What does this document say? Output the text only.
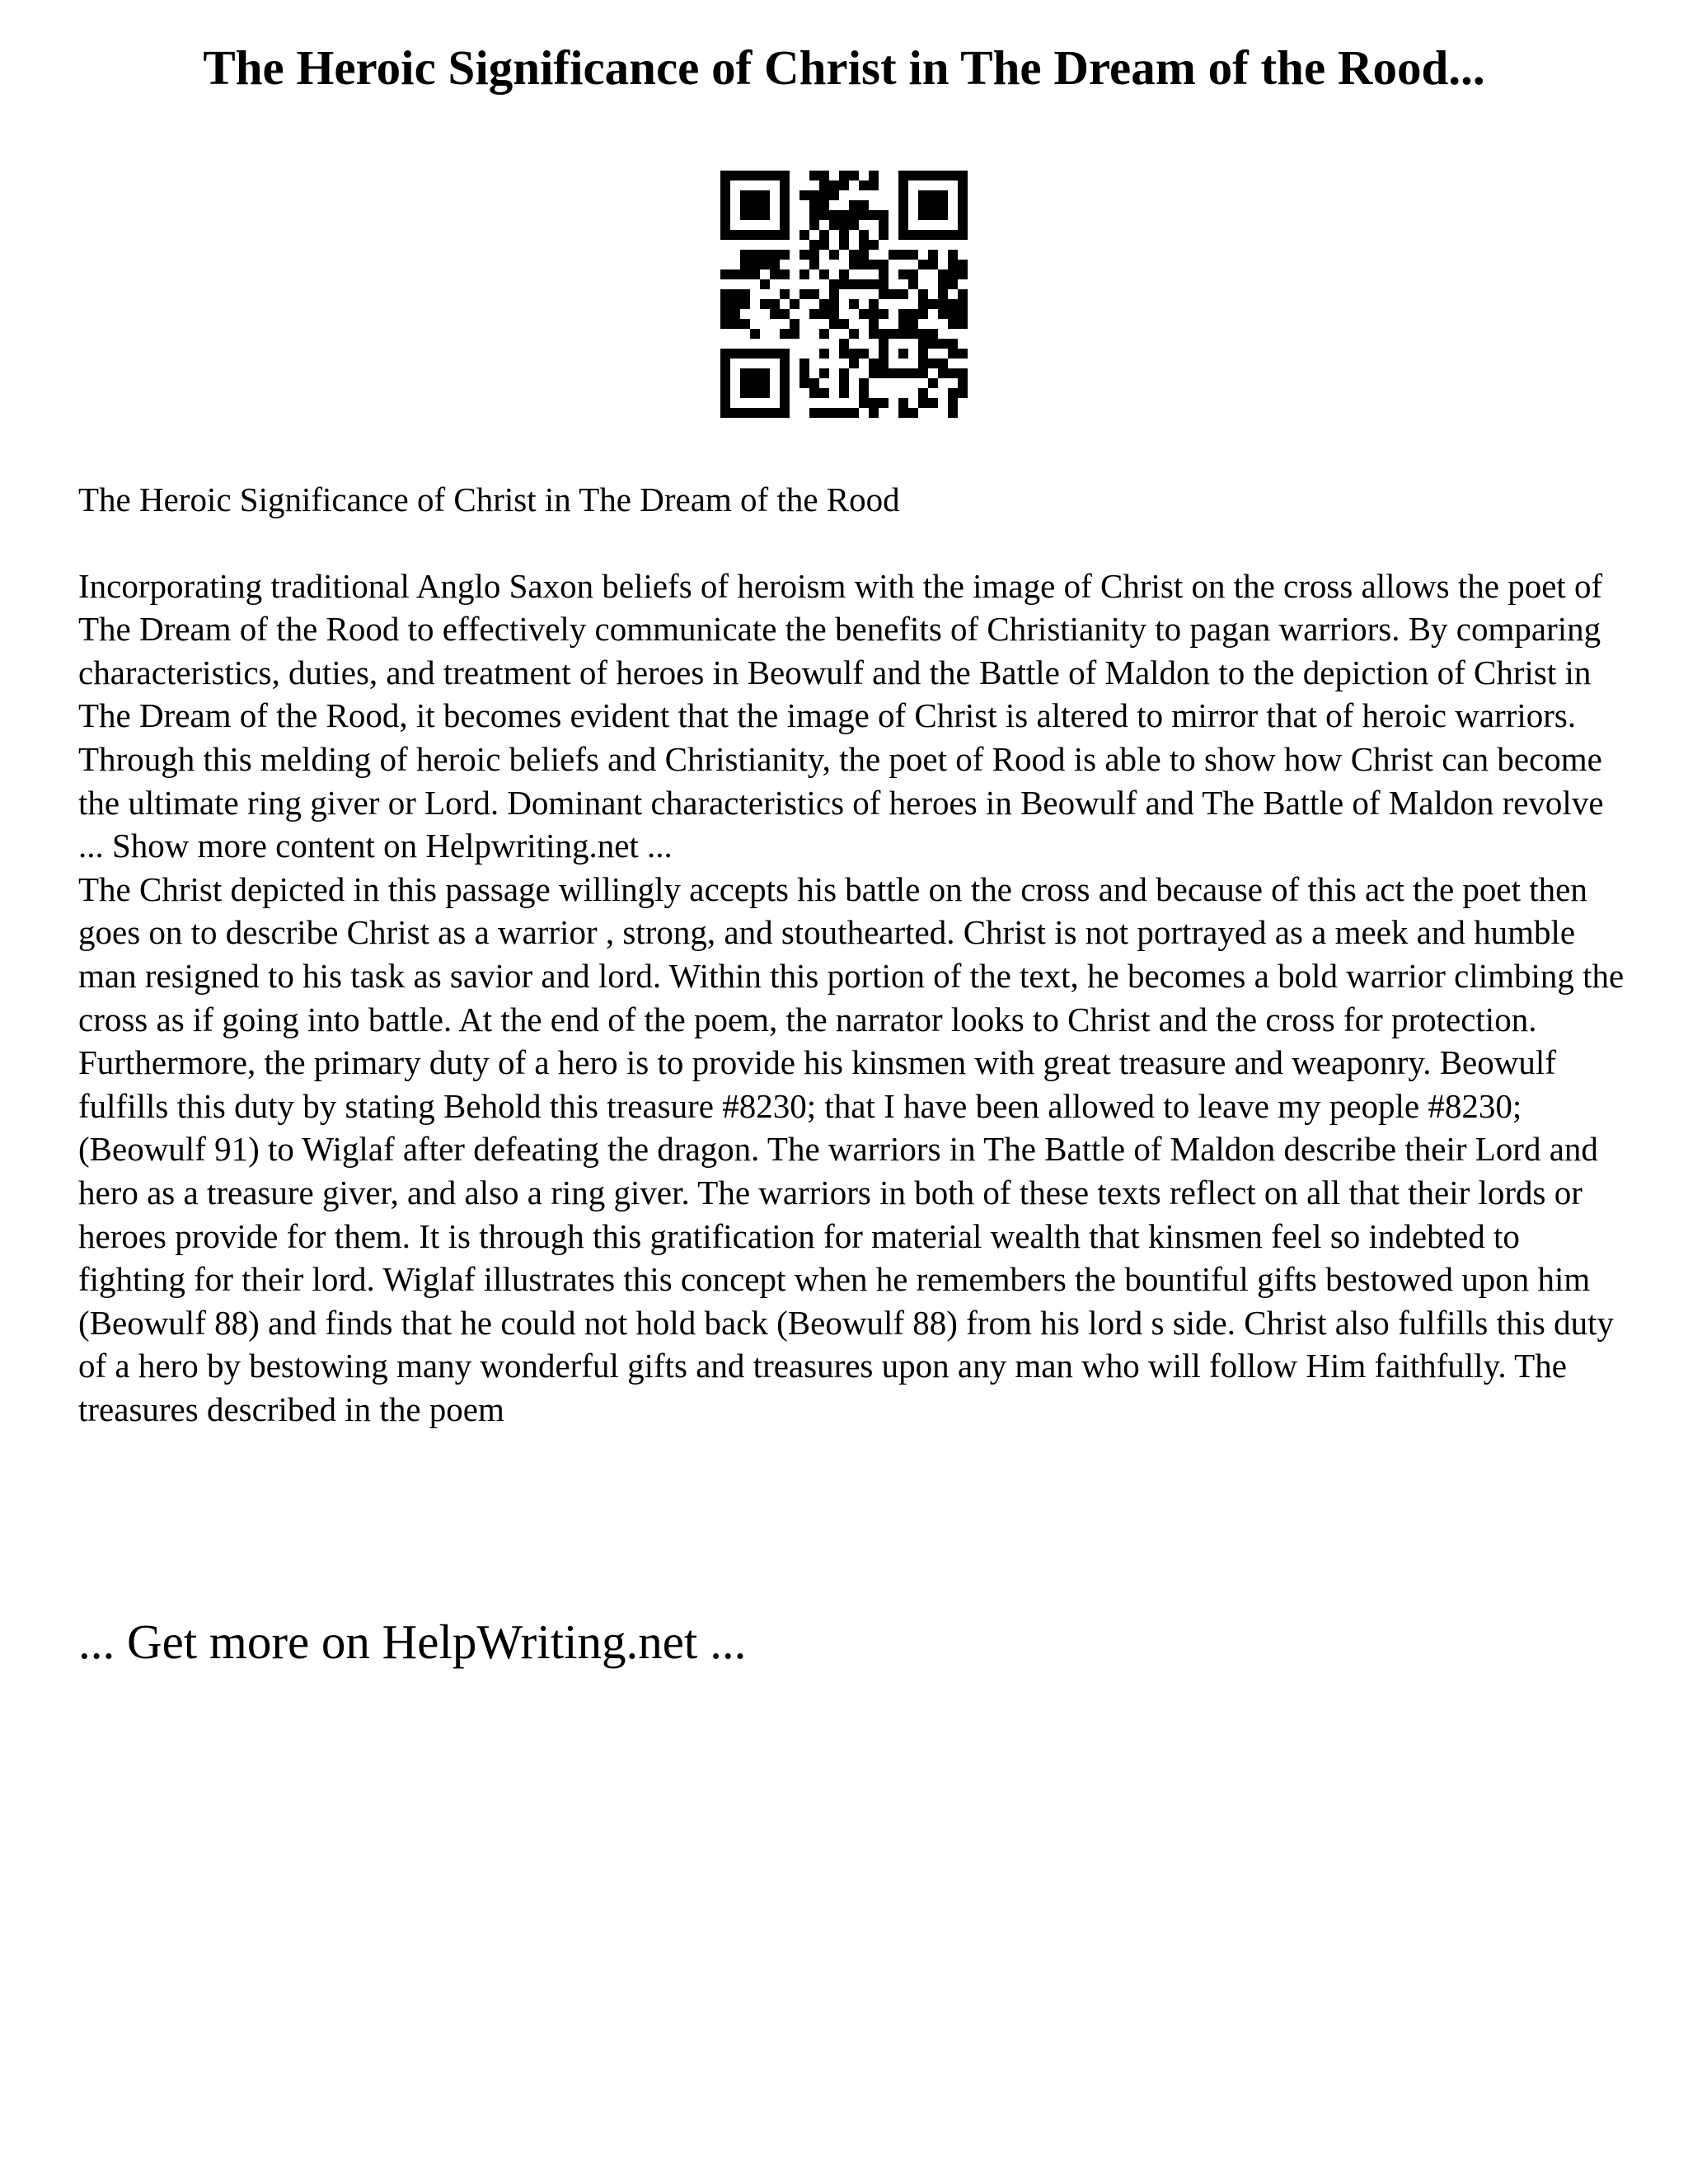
The Heroic Significance of Christ in The Dream of the Rood...

The Heroic Significance of Christ in The Dream of the Rood

Incorporating traditional Anglo Saxon beliefs of heroism with the image of Christ on the cross allows the poet of The Dream of the Rood to effectively communicate the benefits of Christianity to pagan warriors. By comparing characteristics, duties, and treatment of heroes in Beowulf and the Battle of Maldon to the depiction of Christ in The Dream of the Rood, it becomes evident that the image of Christ is altered to mirror that of heroic warriors. Through this melding of heroic beliefs and Christianity, the poet of Rood is able to show how Christ can become the ultimate ring giver or Lord. Dominant characteristics of heroes in Beowulf and The Battle of Maldon revolve ... Show more content on Helpwriting.net ...

The Christ depicted in this passage willingly accepts his battle on the cross and because of this act the poet then goes on to describe Christ as a warrior , strong, and stouthearted. Christ is not portrayed as a meek and humble man resigned to his task as savior and lord. Within this portion of the text, he becomes a bold warrior climbing the cross as if going into battle. At the end of the poem, the narrator looks to Christ and the cross for protection.

Furthermore, the primary duty of a hero is to provide his kinsmen with great treasure and weaponry. Beowulf fulfills this duty by stating Behold this treasure #8230; that I have been allowed to leave my people #8230; (Beowulf 91) to Wiglaf after defeating the dragon. The warriors in The Battle of Maldon describe their Lord and hero as a treasure giver, and also a ring giver. The warriors in both of these texts reflect on all that their lords or heroes provide for them. It is through this gratification for material wealth that kinsmen feel so indebted to fighting for their lord. Wiglaf illustrates this concept when he remembers the bountiful gifts bestowed upon him (Beowulf 88) and finds that he could not hold back (Beowulf 88) from his lord s side. Christ also fulfills this duty of a hero by bestowing many wonderful gifts and treasures upon any man who will follow Him faithfully. The treasures described in the poem

... Get more on HelpWriting.net ...
